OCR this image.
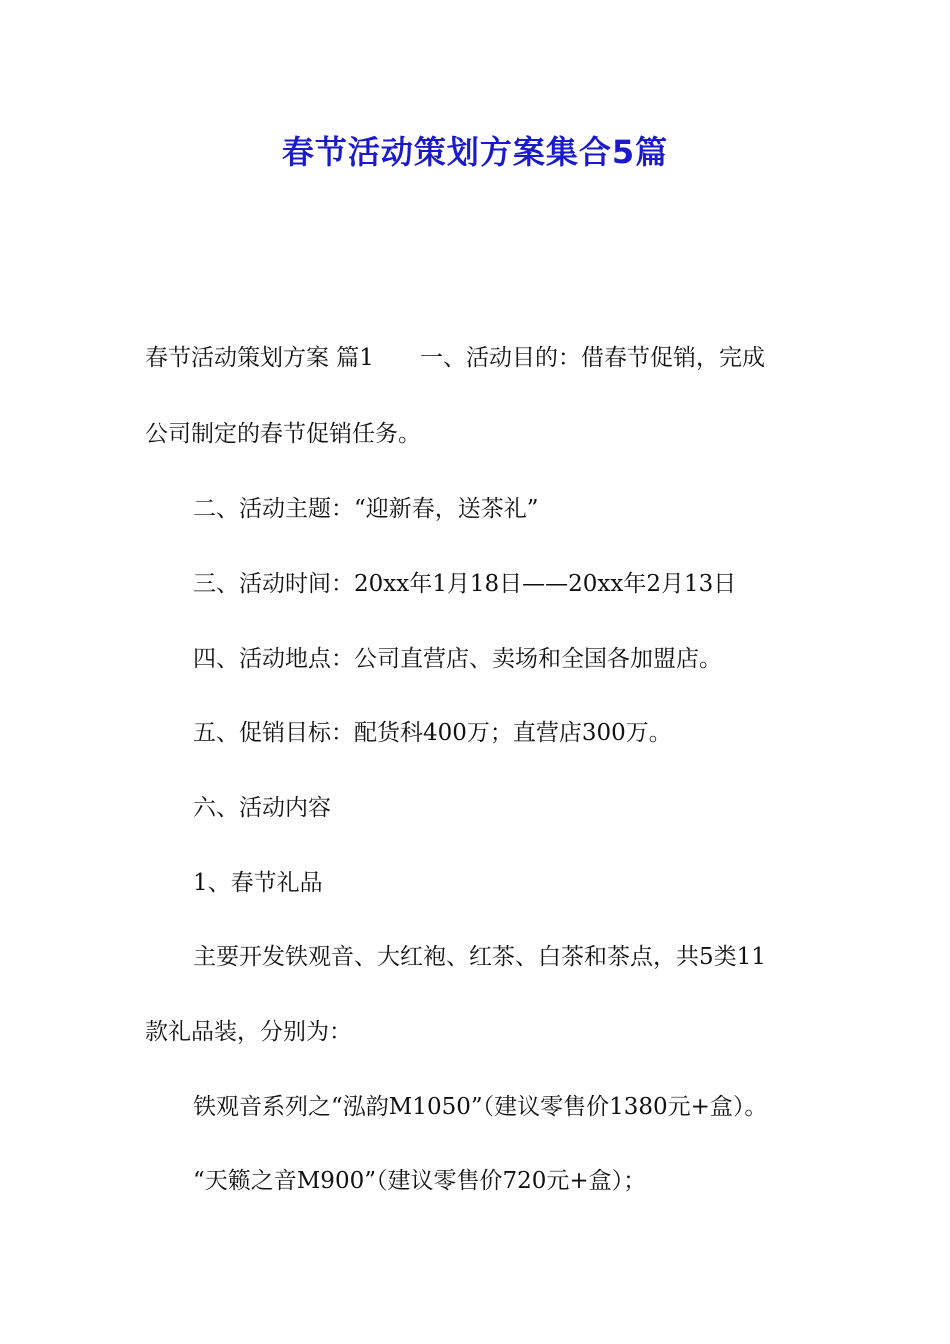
春节活动策划方案集合5篇
春节活动策划方案 篇1　　一、活动目的：借春节促销，完成
公司制定的春节促销任务。
二、活动主题：“迎新春，送茶礼”
三、活动时间：20xx年1月18日——20xx年2月13日
四、活动地点：公司直营店、卖场和全国各加盟店。
五、促销目标：配货科400万；直营店300万。
六、活动内容
1、春节礼品
主要开发铁观音、大红袍、红茶、白茶和茶点，共5类11
款礼品装，分别为：
铁观音系列之“泓韵M1050”（建议零售价1380元+盒）。
“天籁之音M900”（建议零售价720元+盒）；
